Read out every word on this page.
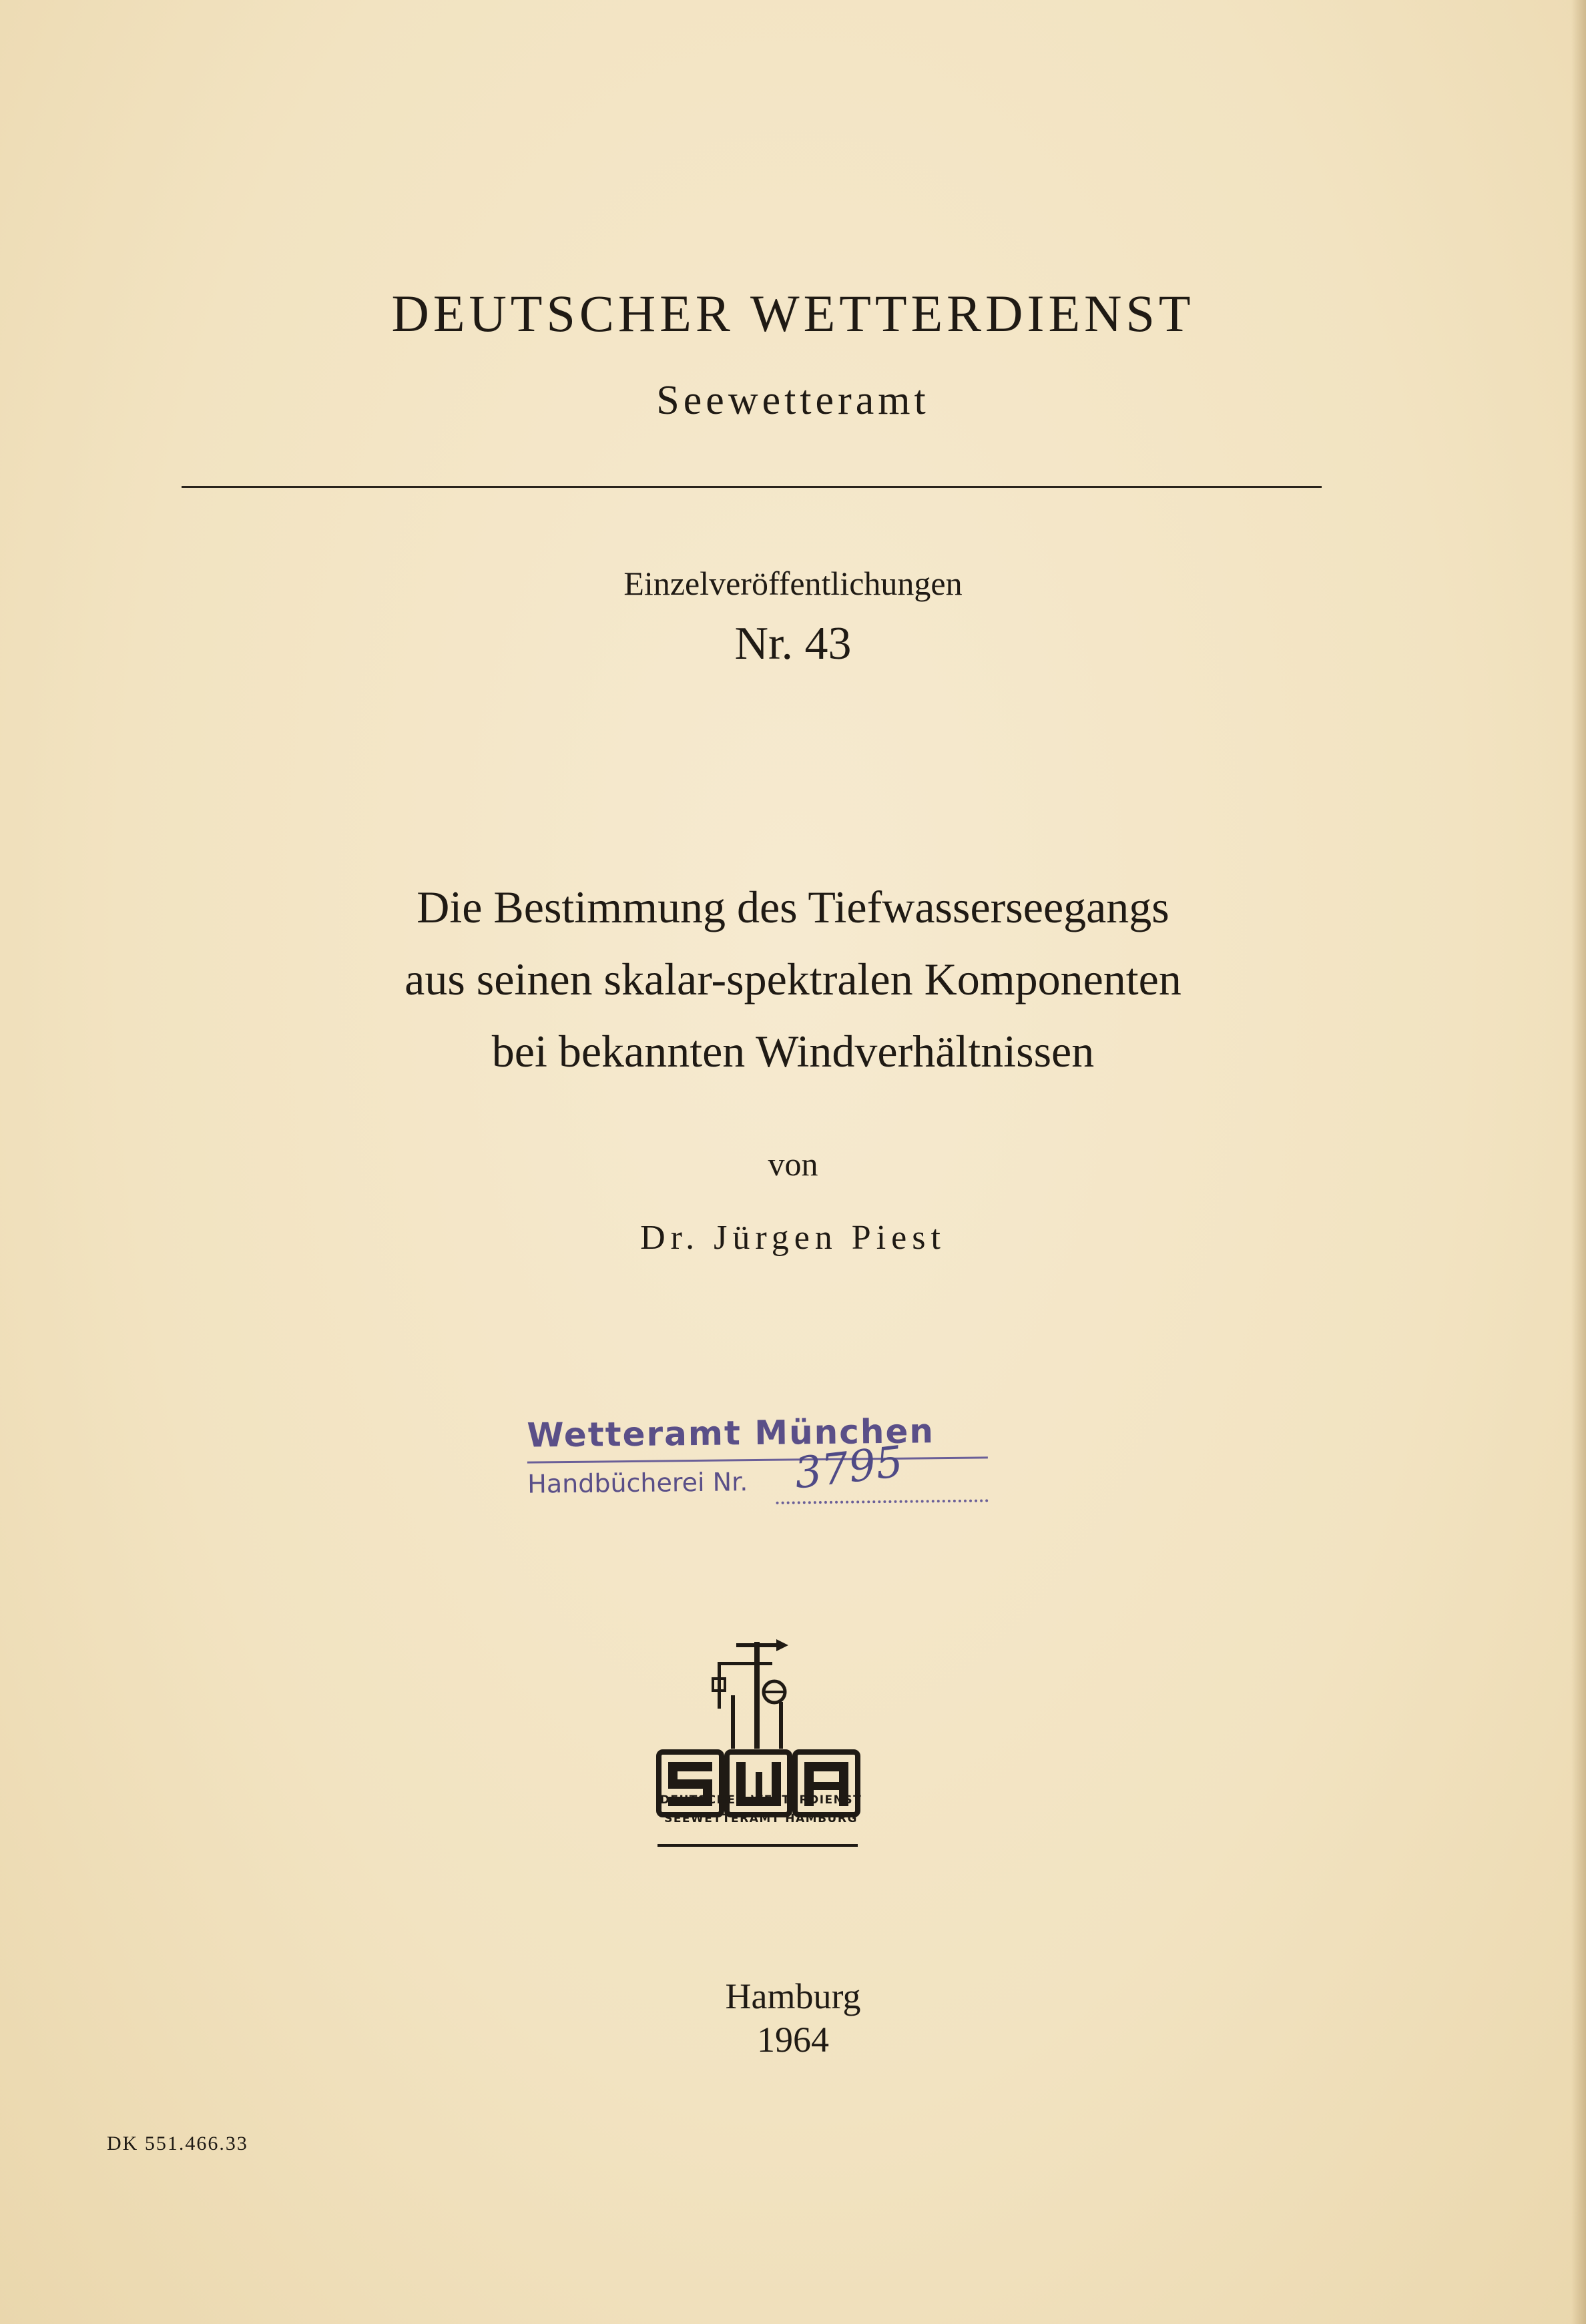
DEUTSCHER WETTERDIENST
Seewetteramt
Einzelveröffentlichungen
Nr. 43
Die Bestimmung des Tiefwasserseegangs
aus seinen skalar-spektralen Komponenten
bei bekannten Windverhältnissen
von
Dr. Jürgen Piest
Wetteramt München
Handbücherei Nr. 3795
DEUTSCHER WETTERDIENST
SEEWETTERAMT HAMBURG
Hamburg
1964
DK 551.466.33
